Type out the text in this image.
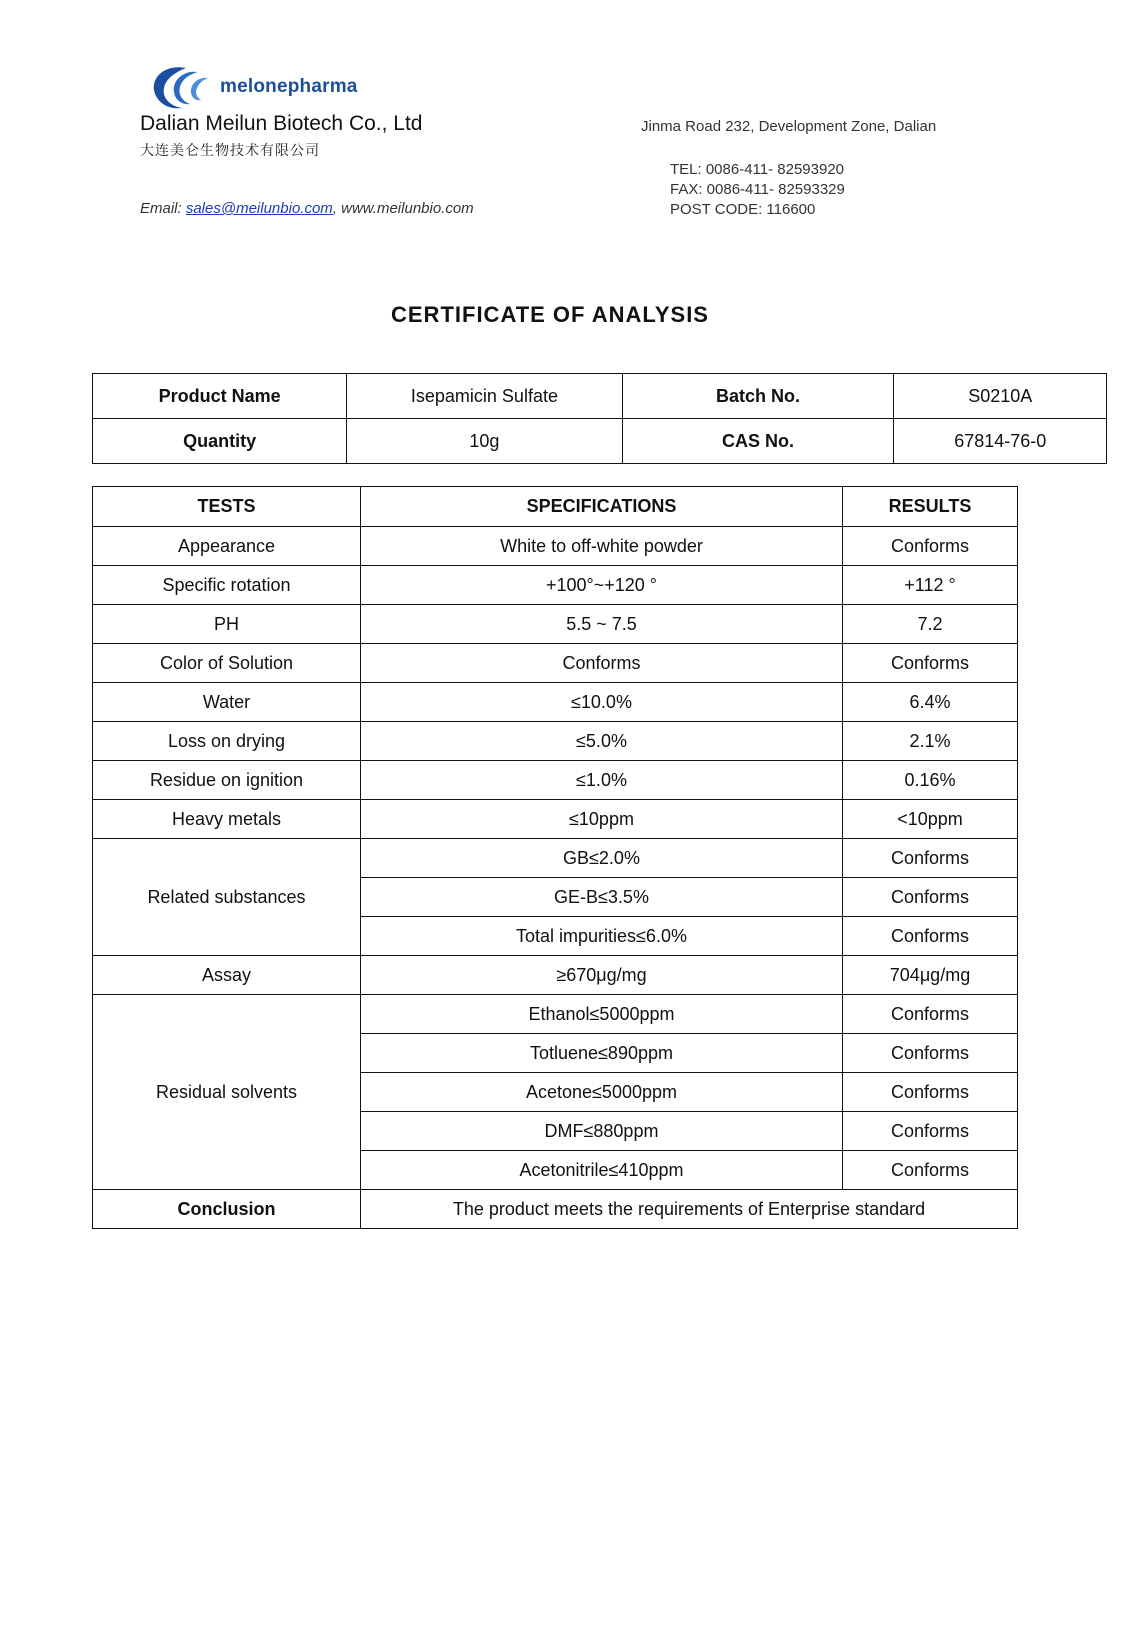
melonepharma
Dalian Meilun Biotech Co., Ltd
大连美仑生物技术有限公司
Email: sales@meilunbio.com, www.meilunbio.com
Jinma Road 232, Development Zone, Dalian
TEL: 0086-411- 82593920
FAX: 0086-411- 82593329
POST CODE: 116600
CERTIFICATE OF ANALYSIS
Product Name	Isepamicin Sulfate	Batch No.	S0210A
Quantity	10g	CAS No.	67814-76-0
TESTS	SPECIFICATIONS	RESULTS
Appearance	White to off-white powder	Conforms
Specific rotation	+100°~+120 °	+112 °
PH	5.5 ~ 7.5	7.2
Color of Solution	Conforms	Conforms
Water	≤10.0%	6.4%
Loss on drying	≤5.0%	2.1%
Residue on ignition	≤1.0%	0.16%
Heavy metals	≤10ppm	<10ppm
Related substances	GB≤2.0%	Conforms
	GE-B≤3.5%	Conforms
	Total impurities≤6.0%	Conforms
Assay	≥670μg/mg	704μg/mg
Residual solvents	Ethanol≤5000ppm	Conforms
	Totluene≤890ppm	Conforms
	Acetone≤5000ppm	Conforms
	DMF≤880ppm	Conforms
	Acetonitrile≤410ppm	Conforms
Conclusion	The product meets the requirements of Enterprise standard	
